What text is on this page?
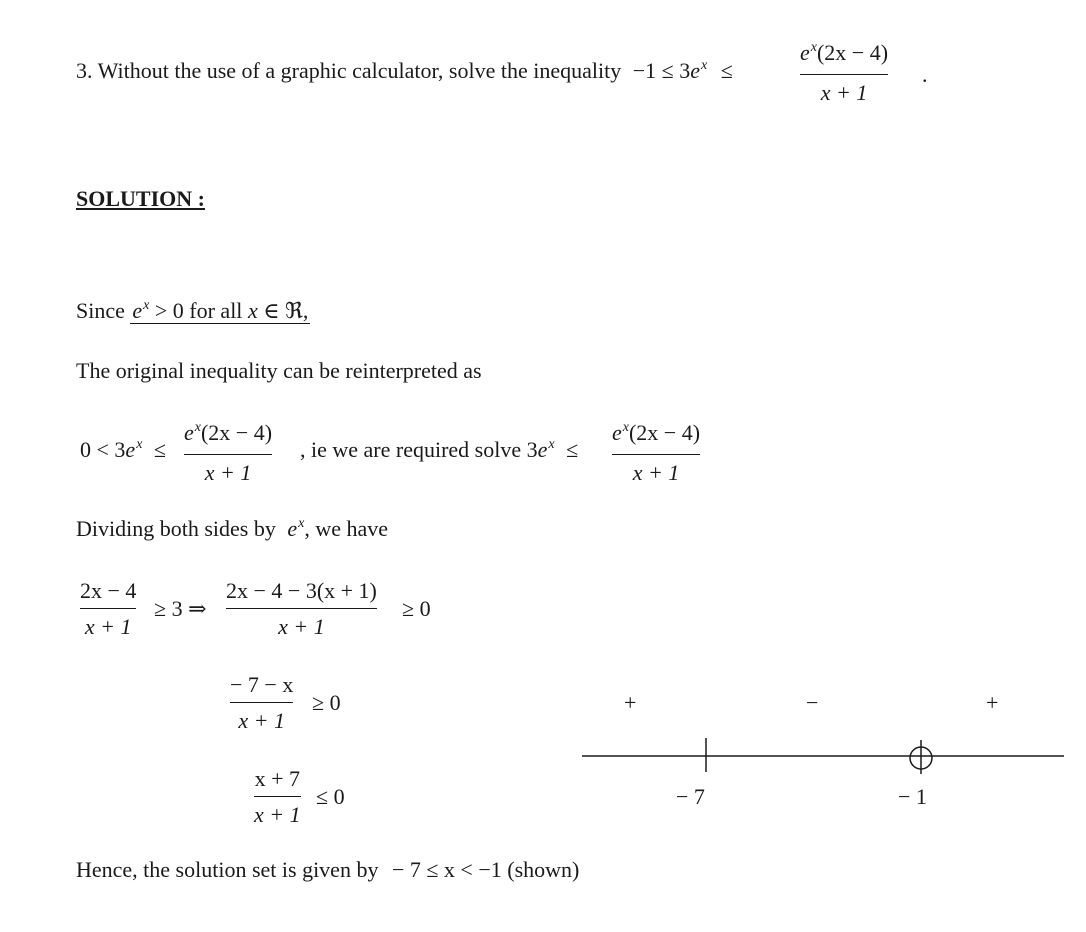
3. Without the use of a graphic calculator, solve the inequality $-1 \le 3e^x$ ≤
$e^x(2x - 4)$
x + 1
.
SOLUTION :
Since $e^x > 0$ for all x ∈ ℜ,
The original inequality can be reinterpreted as
$0 < 3e^x$ ≤
$e^x(2x - 4)$
x + 1
, ie we are required solve $3e^x$ ≤
$e^x(2x - 4)$
x + 1
Dividing both sides by $e^x$, we have
2x − 4
x + 1
≥ 3 ⇒
2x − 4 − 3(x + 1)
x + 1
≥ 0
− 7 − x
x + 1
≥ 0
x + 7
x + 1
≤ 0
+	−	+
− 7	− 1
Hence, the solution set is given by − 7 ≤ x < −1 (shown)
